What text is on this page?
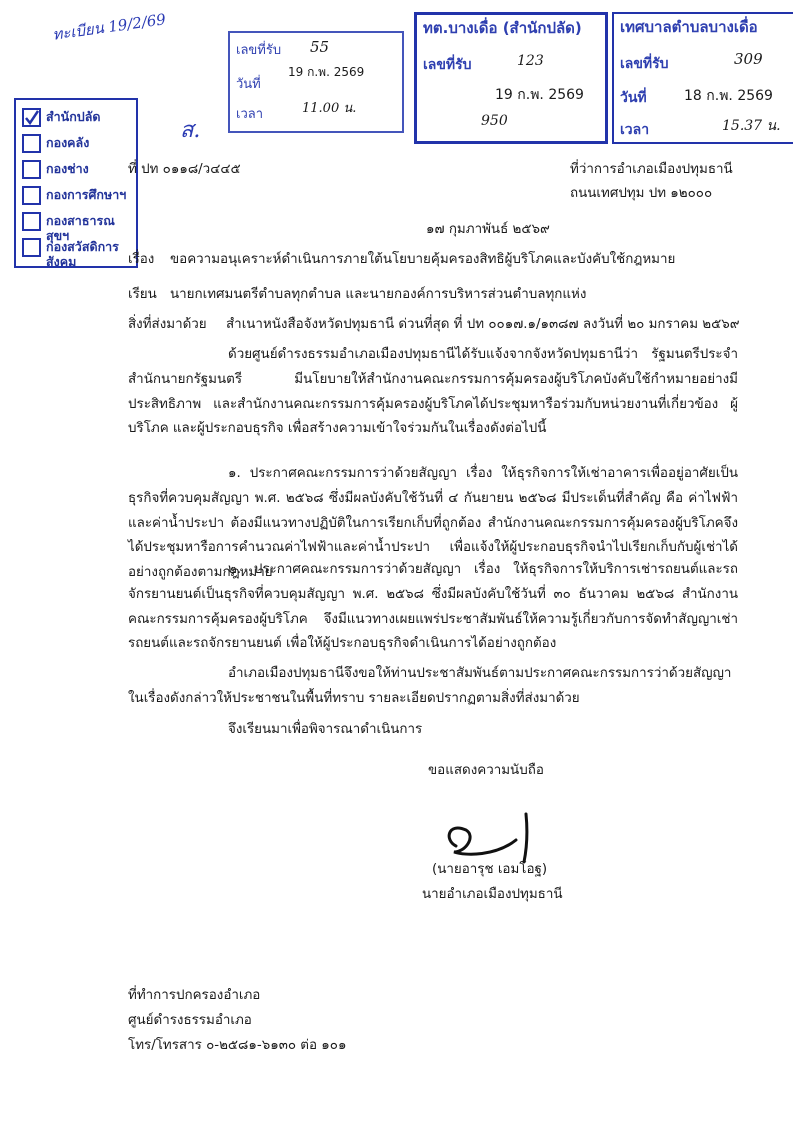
ทะเบียน 19/2/69
เลขที่รับ 55
วันที่
19 ก.พ. 2569
เวลา	11.00 น.
ทต.บางเดื่อ (สำนักปลัด)
เลขที่รับ	123
19 ก.พ. 2569
950
เทศบาลตำบลบางเดื่อ
เลขที่รับ	309
วันที่	18 ก.พ. 2569
เวลา	15.37 น.
สำนักปลัด
กองคลัง
กองช่าง
กองการศึกษาฯ
กองสาธารณสุขฯ
กองสวัสดิการสังคม
ส.
ที่ ปท ๐๑๑๘/ว๔๔๕	ที่ว่าการอำเภอเมืองปทุมธานี
ถนนเทศปทุม ปท ๑๒๐๐๐
๑๗ กุมภาพันธ์ ๒๕๖๙
เรื่อง ขอความอนุเคราะห์ดำเนินการภายใต้นโยบายคุ้มครองสิทธิผู้บริโภคและบังคับใช้กฎหมาย
เรียน นายกเทศมนตรีตำบลทุกตำบล และนายกองค์การบริหารส่วนตำบลทุกแห่ง
สิ่งที่ส่งมาด้วย สำเนาหนังสือจังหวัดปทุมธานี ด่วนที่สุด ที่ ปท ๐๐๑๗.๑/๑๓๘๗ ลงวันที่ ๒๐ มกราคม ๒๕๖๙
ด้วยศูนย์ดำรงธรรมอำเภอเมืองปทุมธานีได้รับแจ้งจากจังหวัดปทุมธานีว่า รัฐมนตรีประจำสำนักนายกรัฐมนตรี มีนโยบายให้สำนักงานคณะกรรมการคุ้มครองผู้บริโภคบังคับใช้กำหมายอย่างมีประสิทธิภาพ และสำนักงานคณะกรรมการคุ้มครองผู้บริโภคได้ประชุมหารือร่วมกับหน่วยงานที่เกี่ยวข้อง ผู้บริโภค และผู้ประกอบธุรกิจ เพื่อสร้างความเข้าใจร่วมกันในเรื่องดังต่อไปนี้
๑. ประกาศคณะกรรมการว่าด้วยสัญญา เรื่อง ให้ธุรกิจการให้เช่าอาคารเพื่ออยู่อาศัยเป็นธุรกิจที่ควบคุมสัญญา พ.ศ. ๒๕๖๘ ซึ่งมีผลบังคับใช้วันที่ ๔ กันยายน ๒๕๖๘ มีประเด็นที่สำคัญ คือ ค่าไฟฟ้า และค่าน้ำประปา ต้องมีแนวทางปฏิบัติในการเรียกเก็บที่ถูกต้อง สำนักงานคณะกรรมการคุ้มครองผู้บริโภคจึงได้ประชุมหารือการคำนวณค่าไฟฟ้าและค่าน้ำประปา เพื่อแจ้งให้ผู้ประกอบธุรกิจนำไปเรียกเก็บกับผู้เช่าได้อย่างถูกต้องตามกฎหมาย
๒. ประกาศคณะกรรมการว่าด้วยสัญญา เรื่อง ให้ธุรกิจการให้บริการเช่ารถยนต์และรถจักรยานยนต์เป็นธุรกิจที่ควบคุมสัญญา พ.ศ. ๒๕๖๘ ซึ่งมีผลบังคับใช้วันที่ ๓๐ ธันวาคม ๒๕๖๘ สำนักงานคณะกรรมการคุ้มครองผู้บริโภค จึงมีแนวทางเผยแพร่ประชาสัมพันธ์ให้ความรู้เกี่ยวกับการจัดทำสัญญาเช่ารถยนต์และรถจักรยานยนต์ เพื่อให้ผู้ประกอบธุรกิจดำเนินการได้อย่างถูกต้อง
อำเภอเมืองปทุมธานีจึงขอให้ท่านประชาสัมพันธ์ตามประกาศคณะกรรมการว่าด้วยสัญญาในเรื่องดังกล่าวให้ประชาชนในพื้นที่ทราบ รายละเอียดปรากฏตามสิ่งที่ส่งมาด้วย
จึงเรียนมาเพื่อพิจารณาดำเนินการ
ขอแสดงความนับถือ
(นายอารุช เอมโอฐ)
นายอำเภอเมืองปทุมธานี
ที่ทำการปกครองอำเภอ
ศูนย์ดำรงธรรมอำเภอ
โทร/โทรสาร ๐-๒๕๘๑-๖๑๓๐ ต่อ ๑๐๑
